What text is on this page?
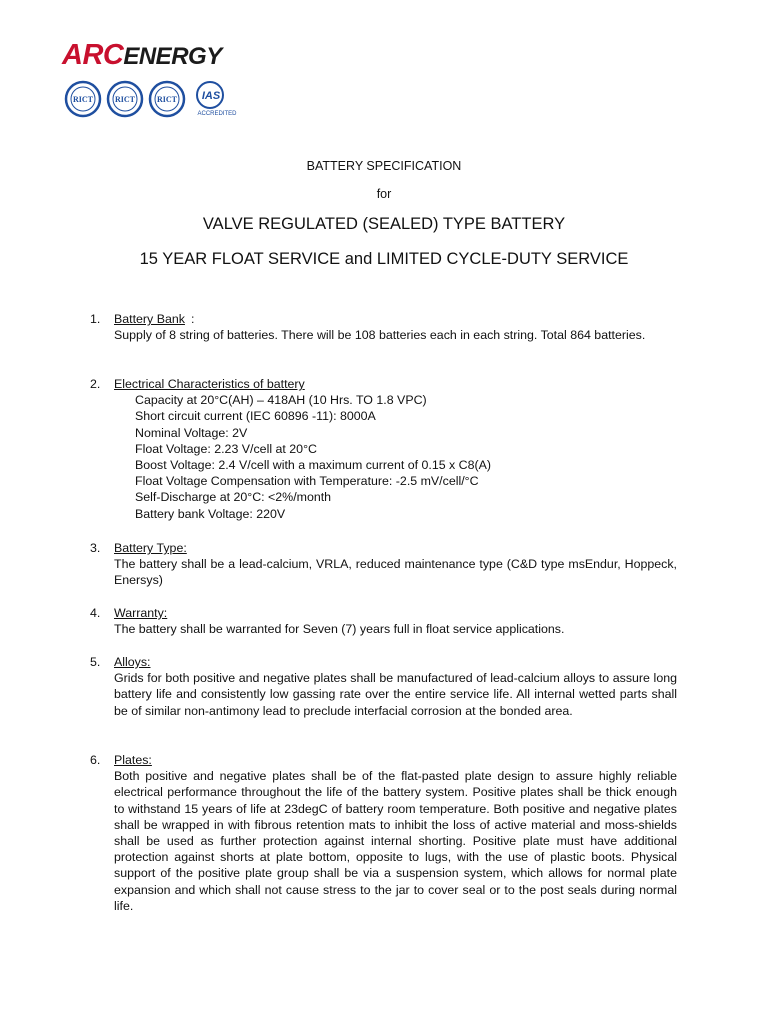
ARCENERGY
RICT	RICT	RICT IAS
ACCREDITED
BATTERY SPECIFICATION
for
VALVE REGULATED (SEALED) TYPE BATTERY
15 YEAR FLOAT SERVICE and LIMITED CYCLE-DUTY SERVICE
1. Battery Bank :
Supply of 8 string of batteries. There will be 108 batteries each in each string. Total 864 batteries.
2. Electrical Characteristics of battery
Capacity at 20°C(AH) – 418AH (10 Hrs. TO 1.8 VPC)
Short circuit current (IEC 60896 -11): 8000A
Nominal Voltage: 2V
Float Voltage: 2.23 V/cell at 20°C
Boost Voltage: 2.4 V/cell with a maximum current of 0.15 x C8(A)
Float Voltage Compensation with Temperature: -2.5 mV/cell/°C
Self-Discharge at 20°C: <2%/month
Battery bank Voltage: 220V
3. Battery Type:
The battery shall be a lead-calcium, VRLA, reduced maintenance type (C&D type msEndur, Hoppeck, Enersys)
4. Warranty:
The battery shall be warranted for Seven (7) years full in float service applications.
5. Alloys:
Grids for both positive and negative plates shall be manufactured of lead-calcium alloys to assure long battery life and consistently low gassing rate over the entire service life. All internal wetted parts shall be of similar non-antimony lead to preclude interfacial corrosion at the bonded area.
6. Plates:
Both positive and negative plates shall be of the flat-pasted plate design to assure highly reliable electrical performance throughout the life of the battery system. Positive plates shall be thick enough to withstand 15 years of life at 23degC of battery room temperature. Both positive and negative plates shall be wrapped in with fibrous retention mats to inhibit the loss of active material and moss-shields shall be used as further protection against internal shorting. Positive plate must have additional protection against shorts at plate bottom, opposite to lugs, with the use of plastic boots. Physical support of the positive plate group shall be via a suspension system, which allows for normal plate expansion and which shall not cause stress to the jar to cover seal or to the post seals during normal life.
